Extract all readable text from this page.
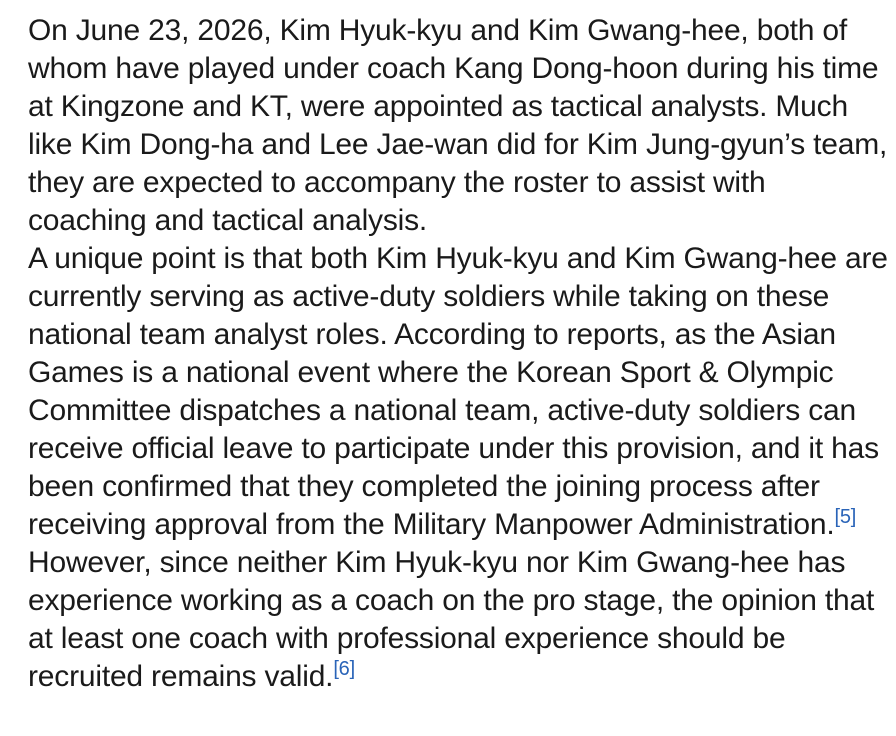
On June 23, 2026, Kim Hyuk-kyu and Kim Gwang-hee, both of whom have played under coach Kang Dong-hoon during his time at Kingzone and KT, were appointed as tactical analysts. Much like Kim Dong-ha and Lee Jae-wan did for Kim Jung-gyun’s team, they are expected to accompany the roster to assist with coaching and tactical analysis.

A unique point is that both Kim Hyuk-kyu and Kim Gwang-hee are currently serving as active-duty soldiers while taking on these national team analyst roles. According to reports, as the Asian Games is a national event where the Korean Sport & Olympic Committee dispatches a national team, active-duty soldiers can receive official leave to participate under this provision, and it has been confirmed that they completed the joining process after receiving approval from the Military Manpower Administration.[5] However, since neither Kim Hyuk-kyu nor Kim Gwang-hee has experience working as a coach on the pro stage, the opinion that at least one coach with professional experience should be recruited remains valid.[6]
